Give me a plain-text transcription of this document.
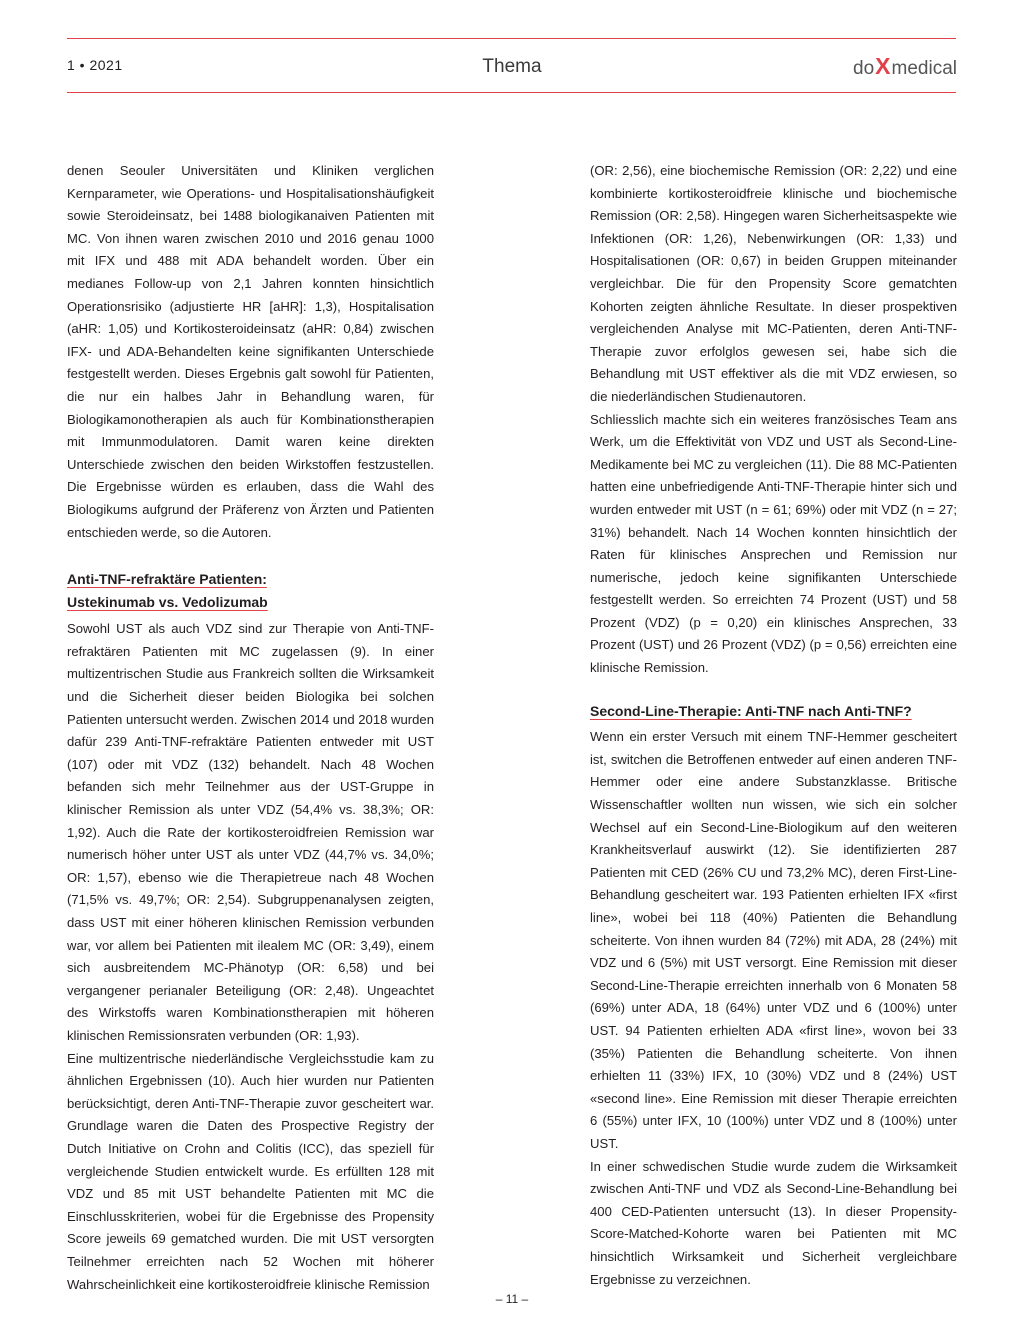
1 • 2021	Thema	do X medical

denen Seouler Universitäten und Kliniken verglichen Kernparameter, wie Operations- und Hospitalisationshäufigkeit sowie Steroideinsatz, bei 1488 biologikanaiven Patienten mit MC. Von ihnen waren zwischen 2010 und 2016 genau 1000 mit IFX und 488 mit ADA behandelt worden. Über ein medianes Follow-up von 2,1 Jahren konnten hinsichtlich Operationsrisiko (adjustierte HR [aHR]: 1,3), Hospitalisation (aHR: 1,05) und Kortikosteroideinsatz (aHR: 0,84) zwischen IFX- und ADA-Behandelten keine signifikanten Unterschiede festgestellt werden. Dieses Ergebnis galt sowohl für Patienten, die nur ein halbes Jahr in Behandlung waren, für Biologikamonotherapien als auch für Kombinationstherapien mit Immunmodulatoren. Damit waren keine direkten Unterschiede zwischen den beiden Wirkstoffen festzustellen. Die Ergebnisse würden es erlauben, dass die Wahl des Biologikums aufgrund der Präferenz von Ärzten und Patienten entschieden werde, so die Autoren.

Anti-TNF-refraktäre Patienten:
Ustekinumab vs. Vedolizumab

Sowohl UST als auch VDZ sind zur Therapie von Anti-TNF-refraktären Patienten mit MC zugelassen (9). In einer multizentrischen Studie aus Frankreich sollten die Wirksamkeit und die Sicherheit dieser beiden Biologika bei solchen Patienten untersucht werden. Zwischen 2014 und 2018 wurden dafür 239 Anti-TNF-refraktäre Patienten entweder mit UST (107) oder mit VDZ (132) behandelt. Nach 48 Wochen befanden sich mehr Teilnehmer aus der UST-Gruppe in klinischer Remission als unter VDZ (54,4% vs. 38,3%; OR: 1,92). Auch die Rate der kortikosteroidfreien Remission war numerisch höher unter UST als unter VDZ (44,7% vs. 34,0%; OR: 1,57), ebenso wie die Therapietreue nach 48 Wochen (71,5% vs. 49,7%; OR: 2,54). Subgruppenanalysen zeigten, dass UST mit einer höheren klinischen Remission verbunden war, vor allem bei Patienten mit ilealem MC (OR: 3,49), einem sich ausbreitendem MC-Phänotyp (OR: 6,58) und bei vergangener perianaler Beteiligung (OR: 2,48). Ungeachtet des Wirkstoffs waren Kombinationstherapien mit höheren klinischen Remissionsraten verbunden (OR: 1,93).

Eine multizentrische niederländische Vergleichsstudie kam zu ähnlichen Ergebnissen (10). Auch hier wurden nur Patienten berücksichtigt, deren Anti-TNF-Therapie zuvor gescheitert war. Grundlage waren die Daten des Prospective Registry der Dutch Initiative on Crohn and Colitis (ICC), das speziell für vergleichende Studien entwickelt wurde. Es erfüllten 128 mit VDZ und 85 mit UST behandelte Patienten mit MC die Einschlusskriterien, wobei für die Ergebnisse des Propensity Score jeweils 69 gematched wurden. Die mit UST versorgten Teilnehmer erreichten nach 52 Wochen mit höherer Wahrscheinlichkeit eine kortikosteroidfreie klinische Remission

(OR: 2,56), eine biochemische Remission (OR: 2,22) und eine kombinierte kortikosteroidfreie klinische und biochemische Remission (OR: 2,58). Hingegen waren Sicherheitsaspekte wie Infektionen (OR: 1,26), Nebenwirkungen (OR: 1,33) und Hospitalisationen (OR: 0,67) in beiden Gruppen miteinander vergleichbar. Die für den Propensity Score gematchten Kohorten zeigten ähnliche Resultate. In dieser prospektiven vergleichenden Analyse mit MC-Patienten, deren Anti-TNF-Therapie zuvor erfolglos gewesen sei, habe sich die Behandlung mit UST effektiver als die mit VDZ erwiesen, so die niederländischen Studienautoren.

Schliesslich machte sich ein weiteres französisches Team ans Werk, um die Effektivität von VDZ und UST als Second-Line-Medikamente bei MC zu vergleichen (11). Die 88 MC-Patienten hatten eine unbefriedigende Anti-TNF-Therapie hinter sich und wurden entweder mit UST (n = 61; 69%) oder mit VDZ (n = 27; 31%) behandelt. Nach 14 Wochen konnten hinsichtlich der Raten für klinisches Ansprechen und Remission nur numerische, jedoch keine signifikanten Unterschiede festgestellt werden. So erreichten 74 Prozent (UST) und 58 Prozent (VDZ) (p = 0,20) ein klinisches Ansprechen, 33 Prozent (UST) und 26 Prozent (VDZ) (p = 0,56) erreichten eine klinische Remission.

Second-Line-Therapie: Anti-TNF nach Anti-TNF?

Wenn ein erster Versuch mit einem TNF-Hemmer gescheitert ist, switchen die Betroffenen entweder auf einen anderen TNF-Hemmer oder eine andere Substanzklasse. Britische Wissenschaftler wollten nun wissen, wie sich ein solcher Wechsel auf ein Second-Line-Biologikum auf den weiteren Krankheitsverlauf auswirkt (12). Sie identifizierten 287 Patienten mit CED (26% CU und 73,2% MC), deren First-Line-Behandlung gescheitert war. 193 Patienten erhielten IFX «first line», wobei bei 118 (40%) Patienten die Behandlung scheiterte. Von ihnen wurden 84 (72%) mit ADA, 28 (24%) mit VDZ und 6 (5%) mit UST versorgt. Eine Remission mit dieser Second-Line-Therapie erreichten innerhalb von 6 Monaten 58 (69%) unter ADA, 18 (64%) unter VDZ und 6 (100%) unter UST. 94 Patienten erhielten ADA «first line», wovon bei 33 (35%) Patienten die Behandlung scheiterte. Von ihnen erhielten 11 (33%) IFX, 10 (30%) VDZ und 8 (24%) UST «second line». Eine Remission mit dieser Therapie erreichten 6 (55%) unter IFX, 10 (100%) unter VDZ und 8 (100%) unter UST.

In einer schwedischen Studie wurde zudem die Wirksamkeit zwischen Anti-TNF und VDZ als Second-Line-Behandlung bei 400 CED-Patienten untersucht (13). In dieser Propensity-Score-Matched-Kohorte waren bei Patienten mit MC hinsichtlich Wirksamkeit und Sicherheit vergleichbare Ergebnisse zu verzeichnen.

– 11 –
